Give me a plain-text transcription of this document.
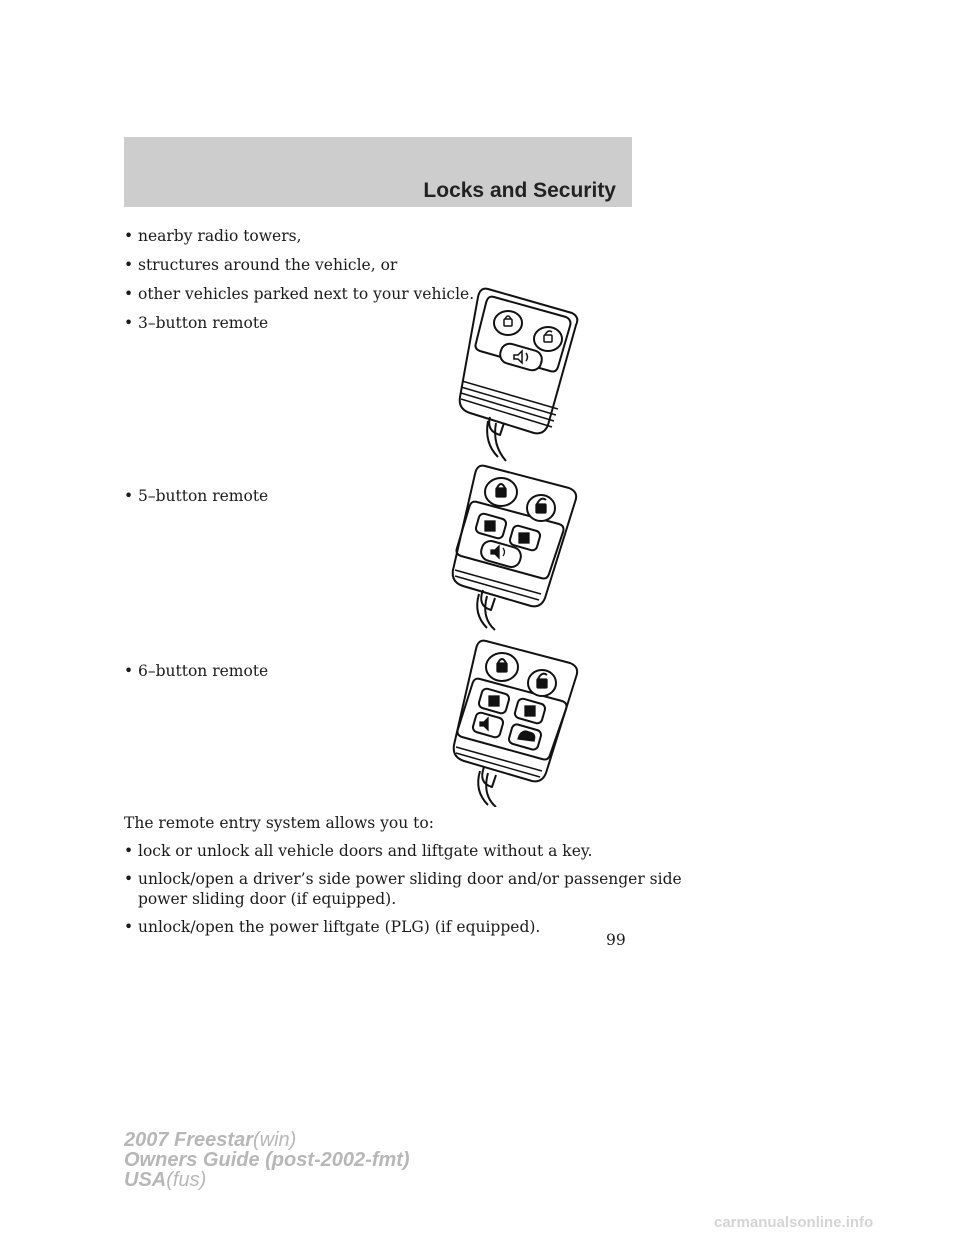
Locks and Security
• nearby radio towers,
• structures around the vehicle, or
• other vehicles parked next to your vehicle.
• 3–button remote
• 5–button remote
• 6–button remote
The remote entry system allows you to:
• lock or unlock all vehicle doors and liftgate without a key.
• unlock/open a driver’s side power sliding door and/or passenger side
power sliding door (if equipped).
• unlock/open the power liftgate (PLG) (if equipped).
99
2007 Freestar(win)
Owners Guide (post-2002-fmt)
USA(fus)
carmanualsonline.info
